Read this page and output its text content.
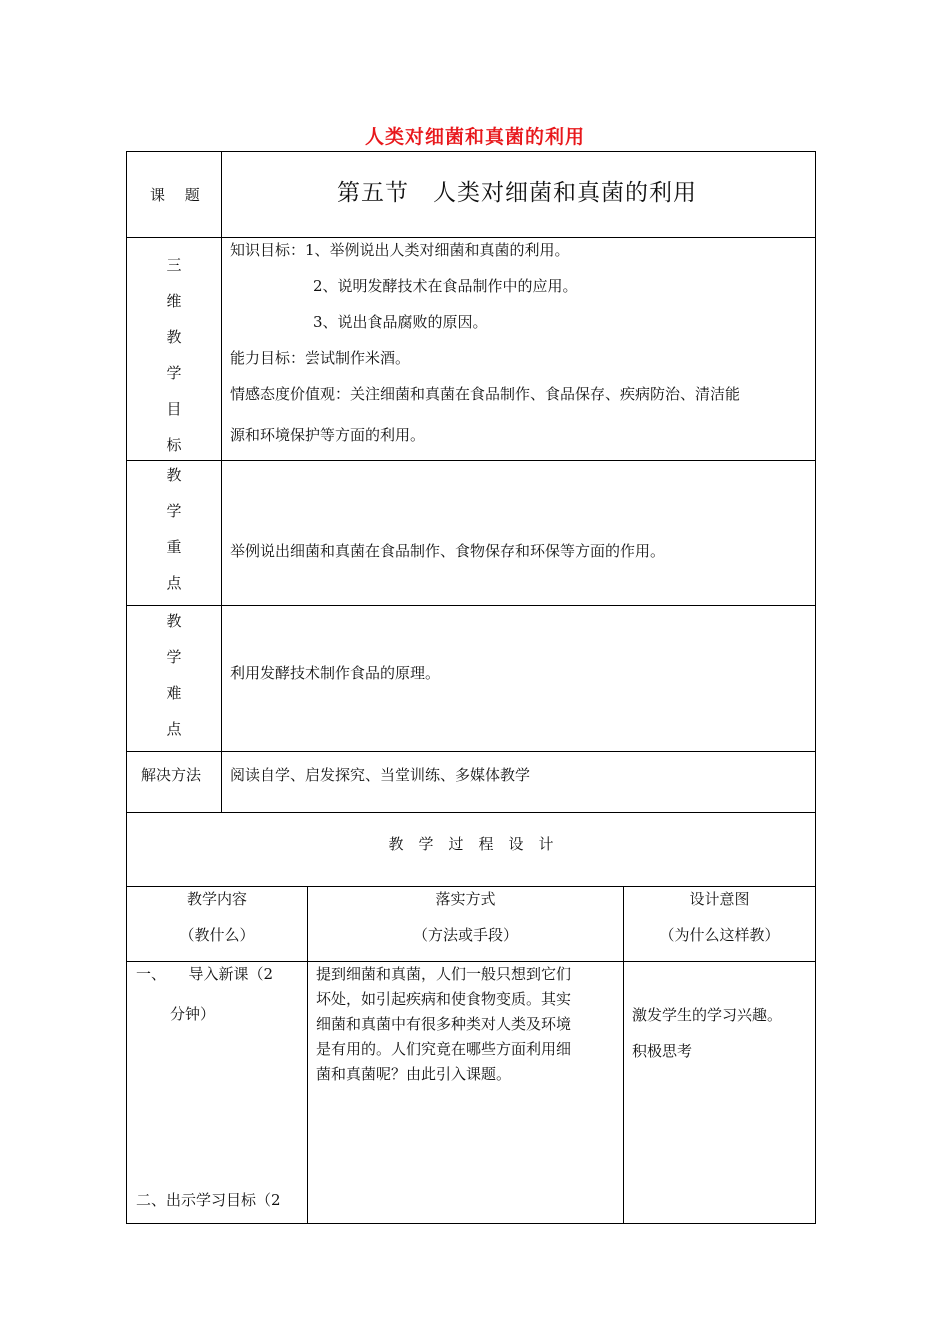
人类对细菌和真菌的利用
课　 题	第五节　人类对细菌和真菌的利用
三
维
教
学
目
标
知识目标：1、举例说出人类对细菌和真菌的利用。
2、说明发酵技术在食品制作中的应用。
3、说出食品腐败的原因。
能力目标：尝试制作米酒。
情感态度价值观：关注细菌和真菌在食品制作、食品保存、疾病防治、清洁能
源和环境保护等方面的利用。
教
学
重
点
举例说出细菌和真菌在食品制作、食物保存和环保等方面的作用。
教
学
难
点
利用发酵技术制作食品的原理。
解决方法 阅读自学、启发探究、当堂训练、多媒体教学
教　学　过　程　设　计
教学内容
（教什么）
落实方式
（方法或手段）
设计意图
（为什么这样教）
一、　　导入新课（2
分钟）
二、出示学习目标（2
提到细菌和真菌，人们一般只想到它们
坏处，如引起疾病和使食物变质。其实
细菌和真菌中有很多种类对人类及环境
是有用的。人们究竟在哪些方面利用细
菌和真菌呢？由此引入课题。
激发学生的学习兴趣。
积极思考
